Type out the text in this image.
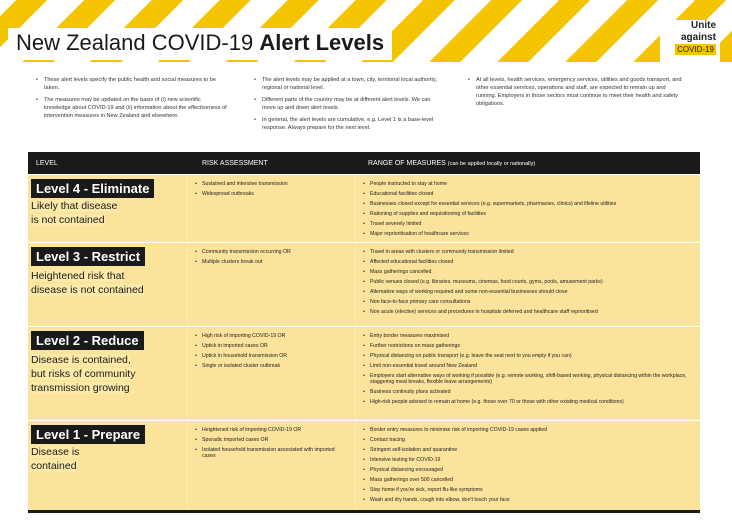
New Zealand COVID-19 Alert Levels
Unite
against
COVID-19
• These alert levels specify the public health and social measures to be taken.
• The measures may be updated on the basis of (i) new scientific knowledge about COVID-19 and (ii) information about the effectiveness of intervention measures in New Zealand and elsewhere.
• The alert levels may be applied at a town, city, territorial local authority, regional or national level.
• Different parts of the country may be at different alert levels. We can move up and down alert levels.
• In general, the alert levels are cumulative, e.g. Level 1 is a base-level response. Always prepare for the next level.
• At all levels, health services, emergency services, utilities and goods transport, and other essential services, operations and staff, are expected to remain up and running. Employers in those sectors must continue to meet their health and safety obligations.
LEVEL	RISK ASSESSMENT	RANGE OF MEASURES (can be applied locally or nationally)
Level 4 - Eliminate
Likely that disease
is not contained
• Sustained and intensive transmission
• Widespread outbreaks
• People instructed to stay at home
• Educational facilities closed
• Businesses closed except for essential services (e.g. supermarkets, pharmacies, clinics) and lifeline utilities
• Rationing of supplies and requisitioning of facilities
• Travel severely limited
• Major reprioritisation of healthcare services
Level 3 - Restrict
Heightened risk that
disease is not contained
• Community transmission occurring OR
• Multiple clusters break out
• Travel in areas with clusters or community transmission limited
• Affected educational facilities closed
• Mass gatherings cancelled
• Public venues closed (e.g. libraries, museums, cinemas, food courts, gyms, pools, amusement parks)
• Alternative ways of working required and some non-essential businesses should close
• Non face-to-face primary care consultations
• Non acute (elective) services and procedures in hospitals deferred and healthcare staff reprioritised
Level 2 - Reduce
Disease is contained,
but risks of community
transmission growing
• High risk of importing COVID-19 OR
• Uptick in imported cases OR
• Uptick in household transmission OR
• Single or isolated cluster outbreak
• Entry border measures maximised
• Further restrictions on mass gatherings
• Physical distancing on public transport (e.g. leave the seat next to you empty if you can)
• Limit non-essential travel around New Zealand
• Employers start alternative ways of working if possible (e.g. remote working, shift-based working, physical distancing within the workplace, staggering meal breaks, flexible leave arrangements)
• Business continuity plans activated
• High-risk people advised to remain at home (e.g. those over 70 or those with other existing medical conditions)
Level 1 - Prepare
Disease is
contained
• Heightened risk of importing COVID-19 OR
• Sporadic imported cases OR
• Isolated household transmission associated with imported cases
• Border entry measures to minimise risk of importing COVID-19 cases applied
• Contact tracing
• Stringent self-isolation and quarantine
• Intensive testing for COVID-19
• Physical distancing encouraged
• Mass gatherings over 500 cancelled
• Stay home if you're sick, report flu-like symptoms
• Wash and dry hands, cough into elbow, don't touch your face
